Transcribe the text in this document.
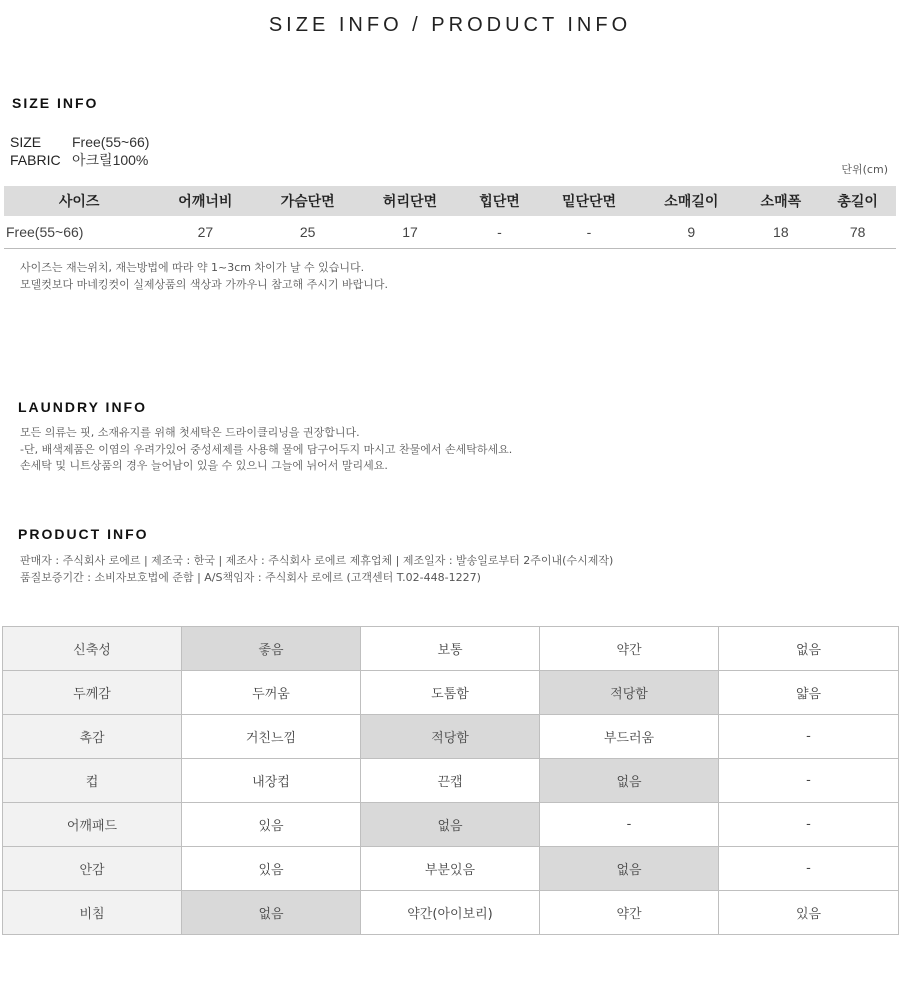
SIZE INFO / PRODUCT INFO
SIZE INFO
SIZE Free(55~66)
FABRIC 아크릴100%
단위(cm)
사이즈	어깨너비	가슴단면	허리단면	힙단면	밑단단면	소매길이	소매폭	총길이
Free(55~66)	27	25	17	-	-	9	18	78
사이즈는 재는위치, 재는방법에 따라 약 1~3cm 차이가 날 수 있습니다.
모델컷보다 마네킹컷이 실제상품의 색상과 가까우니 참고해 주시기 바랍니다.
LAUNDRY INFO
모든 의류는 핏, 소재유지를 위해 첫세탁은 드라이클리닝을 권장합니다.
-단, 배색제품은 이염의 우려가있어 중성세제를 사용해 물에 담구어두지 마시고 찬물에서 손세탁하세요.
손세탁 및 니트상품의 경우 늘어남이 있을 수 있으니 그늘에 뉘어서 말리세요.
PRODUCT INFO
판매자 : 주식회사 로에르 | 제조국 : 한국 | 제조사 : 주식회사 로에르 제휴업체 | 제조일자 : 발송일로부터 2주이내(수시제작)
품질보증기간 : 소비자보호법에 준함 | A/S책임자 : 주식회사 로에르 (고객센터 T.02-448-1227)
신축성	좋음	보통	약간	없음
두께감	두꺼움	도톰함	적당함	얇음
촉감	거친느낌	적당함	부드러움	-
컵	내장컵	끈캡	없음	-
어깨패드	있음	없음	-	-
안감	있음	부분있음	없음	-
비침	없음	약간(아이보리)	약간	있음
